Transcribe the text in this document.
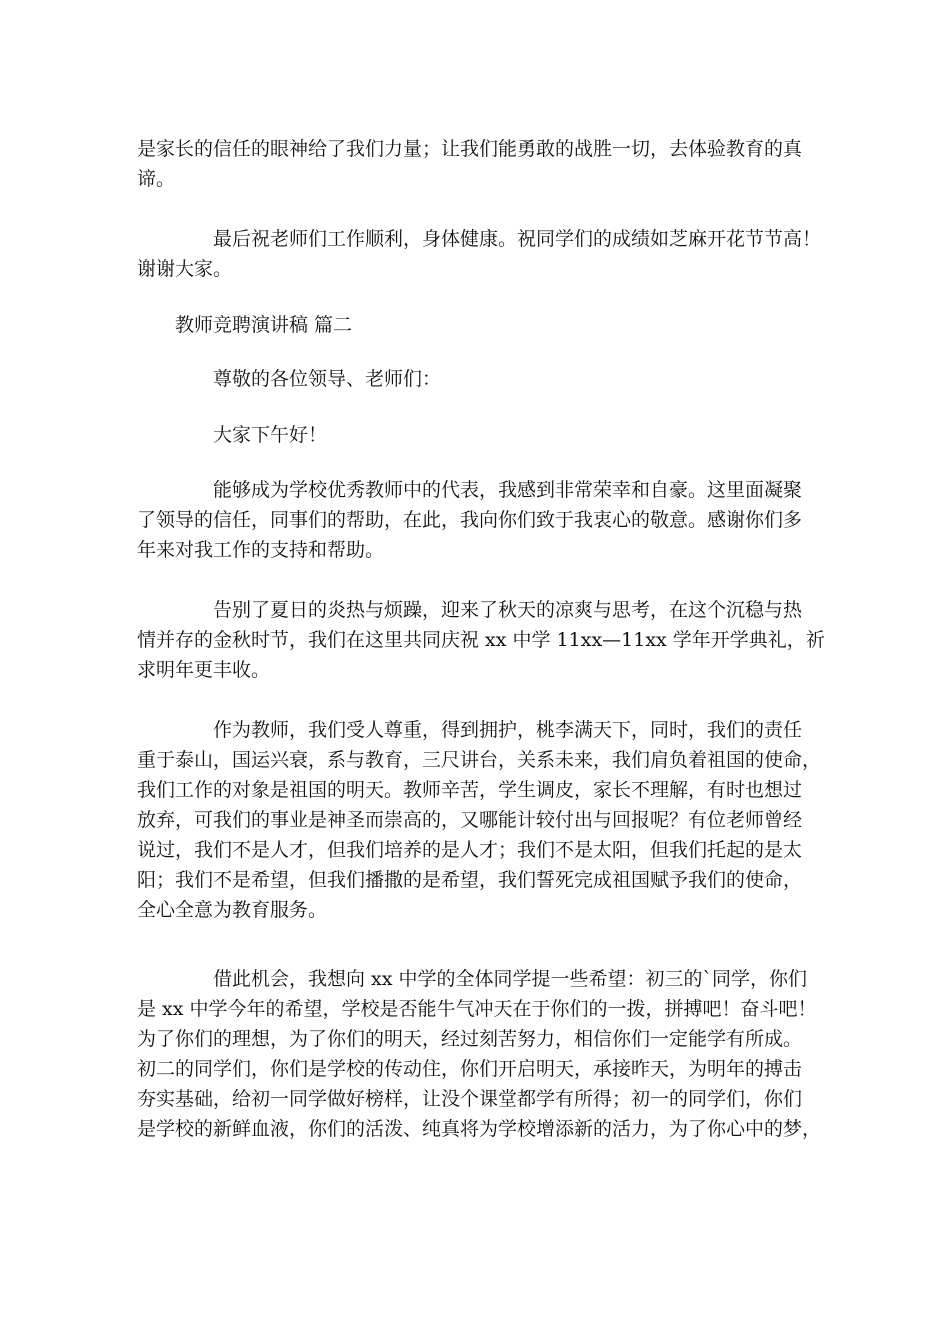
是家长的信任的眼神给了我们力量；让我们能勇敢的战胜一切，去体验教育的真
谛。
最后祝老师们工作顺利，身体健康。祝同学们的成绩如芝麻开花节节高！
谢谢大家。
教师竞聘演讲稿 篇二
尊敬的各位领导、老师们：
大家下午好！
能够成为学校优秀教师中的代表，我感到非常荣幸和自豪。这里面凝聚
了领导的信任，同事们的帮助，在此，我向你们致于我衷心的敬意。感谢你们多
年来对我工作的支持和帮助。
告别了夏日的炎热与烦躁，迎来了秋天的凉爽与思考，在这个沉稳与热
情并存的金秋时节，我们在这里共同庆祝 xx 中学 11xx—11xx 学年开学典礼，祈
求明年更丰收。
作为教师，我们受人尊重，得到拥护，桃李满天下，同时，我们的责任
重于泰山，国运兴衰，系与教育，三尺讲台，关系未来，我们肩负着祖国的使命，
我们工作的对象是祖国的明天。教师辛苦，学生调皮，家长不理解，有时也想过
放弃，可我们的事业是神圣而崇高的，又哪能计较付出与回报呢？有位老师曾经
说过，我们不是人才，但我们培养的是人才；我们不是太阳，但我们托起的是太
阳；我们不是希望，但我们播撒的是希望，我们誓死完成祖国赋予我们的使命，
全心全意为教育服务。
借此机会，我想向 xx 中学的全体同学提一些希望：初三的`同学，你们
是 xx 中学今年的希望，学校是否能牛气冲天在于你们的一拨，拼搏吧！奋斗吧！
为了你们的理想，为了你们的明天，经过刻苦努力，相信你们一定能学有所成。
初二的同学们，你们是学校的传动住，你们开启明天，承接昨天，为明年的搏击
夯实基础，给初一同学做好榜样，让没个课堂都学有所得；初一的同学们，你们
是学校的新鲜血液，你们的活泼、纯真将为学校增添新的活力，为了你心中的梦，
